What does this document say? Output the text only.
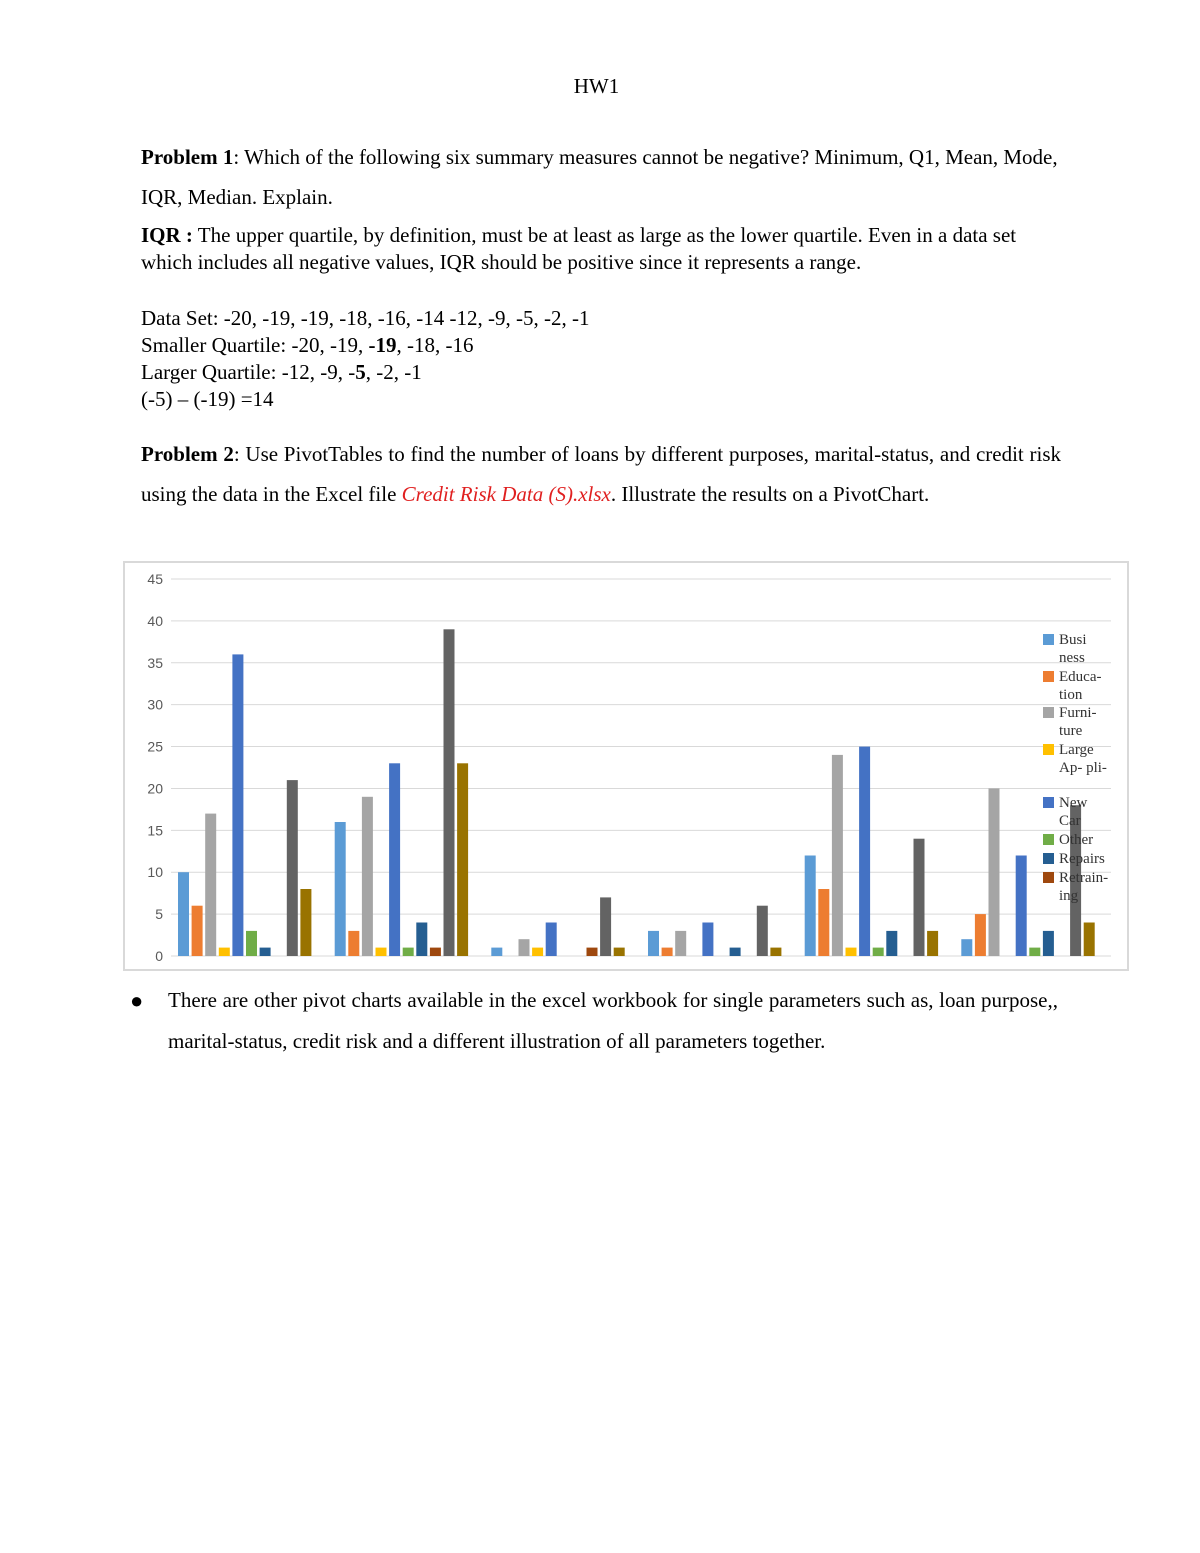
HW1
Problem 1: Which of the following six summary measures cannot be negative? Minimum, Q1, Mean, Mode, IQR, Median. Explain.
IQR : The upper quartile, by definition, must be at least as large as the lower quartile. Even in a data set which includes all negative values, IQR should be positive since it represents a range.
Data Set: -20, -19, -19, -18, -16, -14 -12, -9, -5, -2, -1
Smaller Quartile: -20, -19, -19, -18, -16
Larger Quartile: -12, -9, -5, -2, -1
(-5) – (-19) =14
Problem 2: Use PivotTables to find the number of loans by different purposes, marital-status, and credit risk using the data in the Excel file Credit Risk Data (S).xlsx. Illustrate the results on a PivotChart.
0
5
10
15
20
25
30
35
40
45
Busi ness
Educa- tion
Furni- ture
Large Ap- pli-
New Car
Other
Repairs
Retrain- ing
● There are other pivot charts available in the excel workbook for single parameters such as, loan purpose,, marital-status, credit risk and a different illustration of all parameters together.
